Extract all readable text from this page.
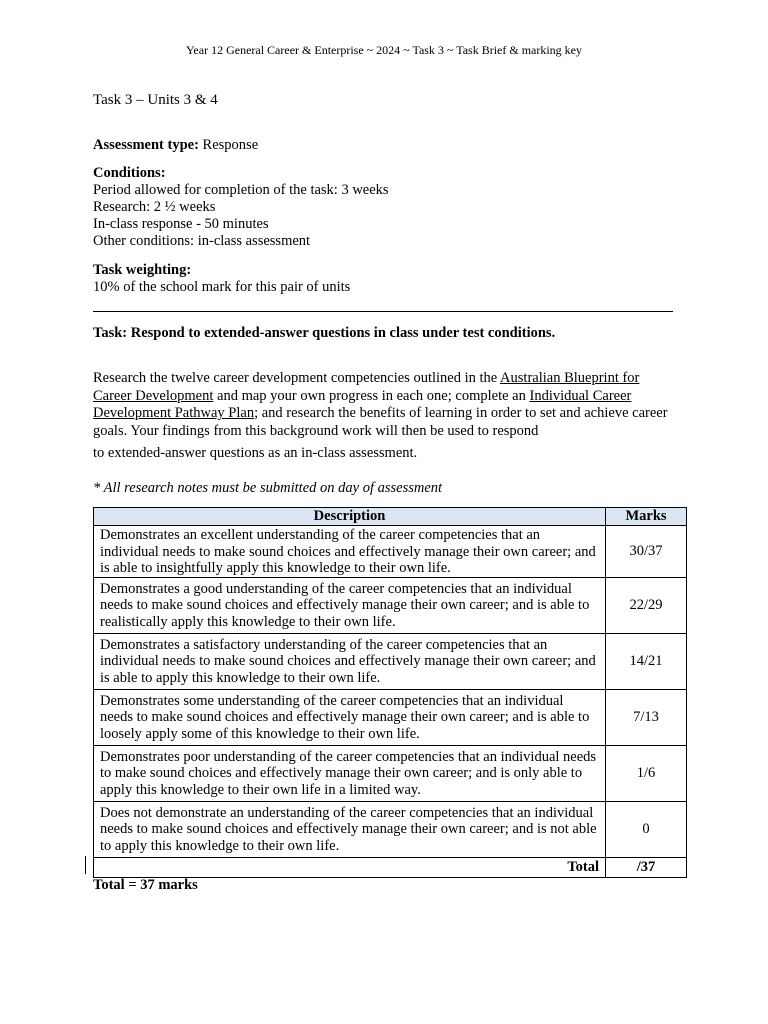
Year 12 General Career & Enterprise ~ 2024 ~ Task 3 ~ Task Brief & marking key
Task 3 – Units 3 & 4
Assessment type: Response
Conditions:
Period allowed for completion of the task: 3 weeks
Research: 2 ½ weeks
In-class response - 50 minutes
Other conditions: in-class assessment
Task weighting:
10% of the school mark for this pair of units
Task: Respond to extended-answer questions in class under test conditions.
Research the twelve career development competencies outlined in the Australian Blueprint for Career Development and map your own progress in each one; complete an Individual Career Development Pathway Plan; and research the benefits of learning in order to set and achieve career goals. Your findings from this background work will then be used to respond
to extended-answer questions as an in-class assessment.
* All research notes must be submitted on day of assessment
Description	Marks
Demonstrates an excellent understanding of the career competencies that an individual needs to make sound choices and effectively manage their own career; and is able to insightfully apply this knowledge to their own life.	30/37
Demonstrates a good understanding of the career competencies that an individual needs to make sound choices and effectively manage their own career; and is able to realistically apply this knowledge to their own life.	22/29
Demonstrates a satisfactory understanding of the career competencies that an individual needs to make sound choices and effectively manage their own career; and is able to apply this knowledge to their own life.	14/21
Demonstrates some understanding of the career competencies that an individual needs to make sound choices and effectively manage their own career; and is able to loosely apply some of this knowledge to their own life.	7/13
Demonstrates poor understanding of the career competencies that an individual needs to make sound choices and effectively manage their own career; and is only able to apply this knowledge to their own life in a limited way.	1/6
Does not demonstrate an understanding of the career competencies that an individual needs to make sound choices and effectively manage their own career; and is not able to apply this knowledge to their own life.	0
Total	/37
Total = 37 marks
